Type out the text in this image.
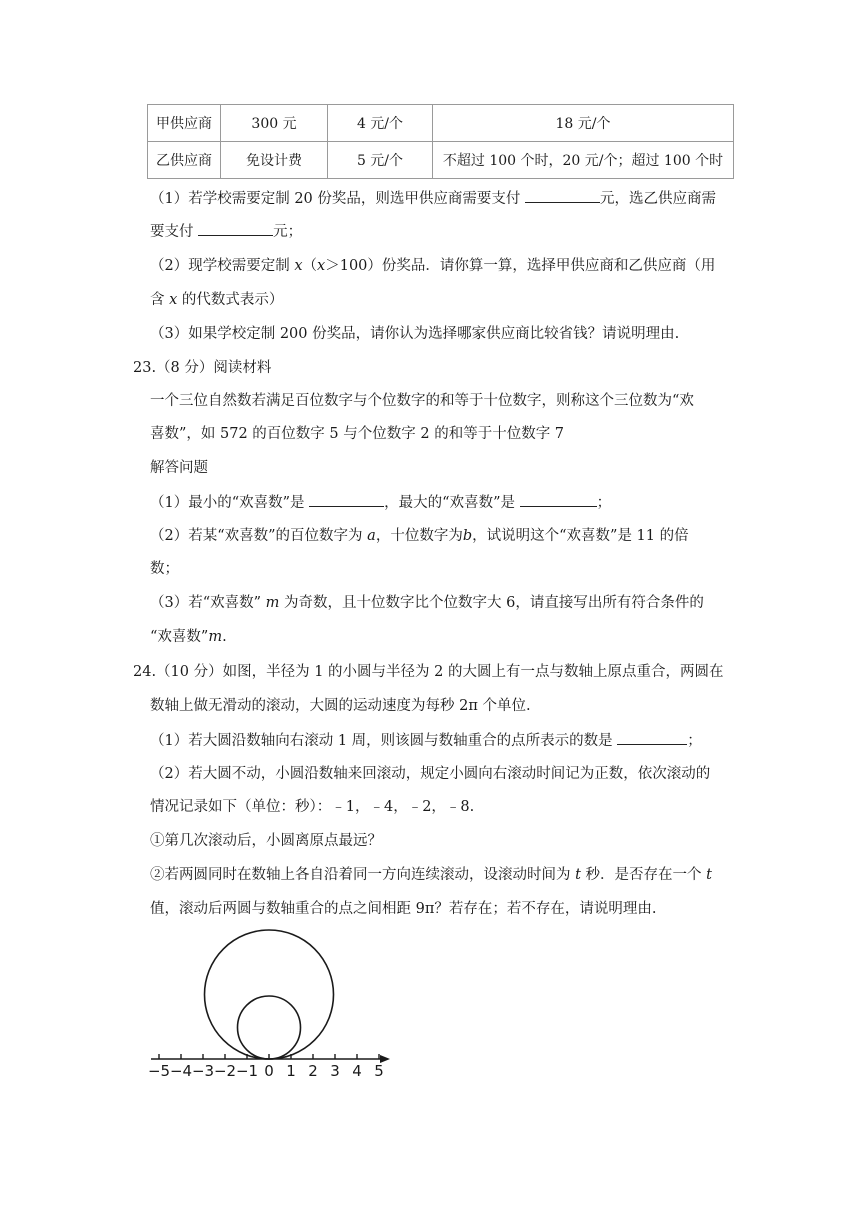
甲供应商	300 元	4 元/个	18 元/个
乙供应商	免设计费	5 元/个	不超过 100 个时，20 元/个；超过 100 个时
（1）若学校需要定制 20 份奖品，则选甲供应商需要支付	元，选乙供应商需
要支付	元；
（2）现学校需要定制 x（x＞100）份奖品．请你算一算，选择甲供应商和乙供应商（用
含 x 的代数式表示）
（3）如果学校定制 200 份奖品，请你认为选择哪家供应商比较省钱？请说明理由.
23.（8 分）阅读材料
一个三位自然数若满足百位数字与个位数字的和等于十位数字，则称这个三位数为“欢
喜数”，如 572 的百位数字 5 与个位数字 2 的和等于十位数字 7
解答问题
（1）最小的“欢喜数”是	，最大的“欢喜数”是	；
（2）若某“欢喜数”的百位数字为 a，十位数字为b，试说明这个“欢喜数”是 11 的倍
数；
（3）若“欢喜数” m 为奇数，且十位数字比个位数字大 6，请直接写出所有符合条件的
“欢喜数”m.
24.（10 分）如图，半径为 1 的小圆与半径为 2 的大圆上有一点与数轴上原点重合，两圆在
数轴上做无滑动的滚动，大圆的运动速度为每秒 2π 个单位.
（1）若大圆沿数轴向右滚动 1 周，则该圆与数轴重合的点所表示的数是	；
（2）若大圆不动，小圆沿数轴来回滚动，规定小圆向右滚动时间记为正数，依次滚动的
情况记录如下（单位：秒）：﹣1，﹣4，﹣2，﹣8.
①第几次滚动后，小圆离原点最远？
②若两圆同时在数轴上各自沿着同一方向连续滚动，设滚动时间为 t 秒．是否存在一个 t
值，滚动后两圆与数轴重合的点之间相距 9π？若存在；若不存在，请说明理由.
−5 −4 −3 −2 −1 0 1 2 3 4 5
